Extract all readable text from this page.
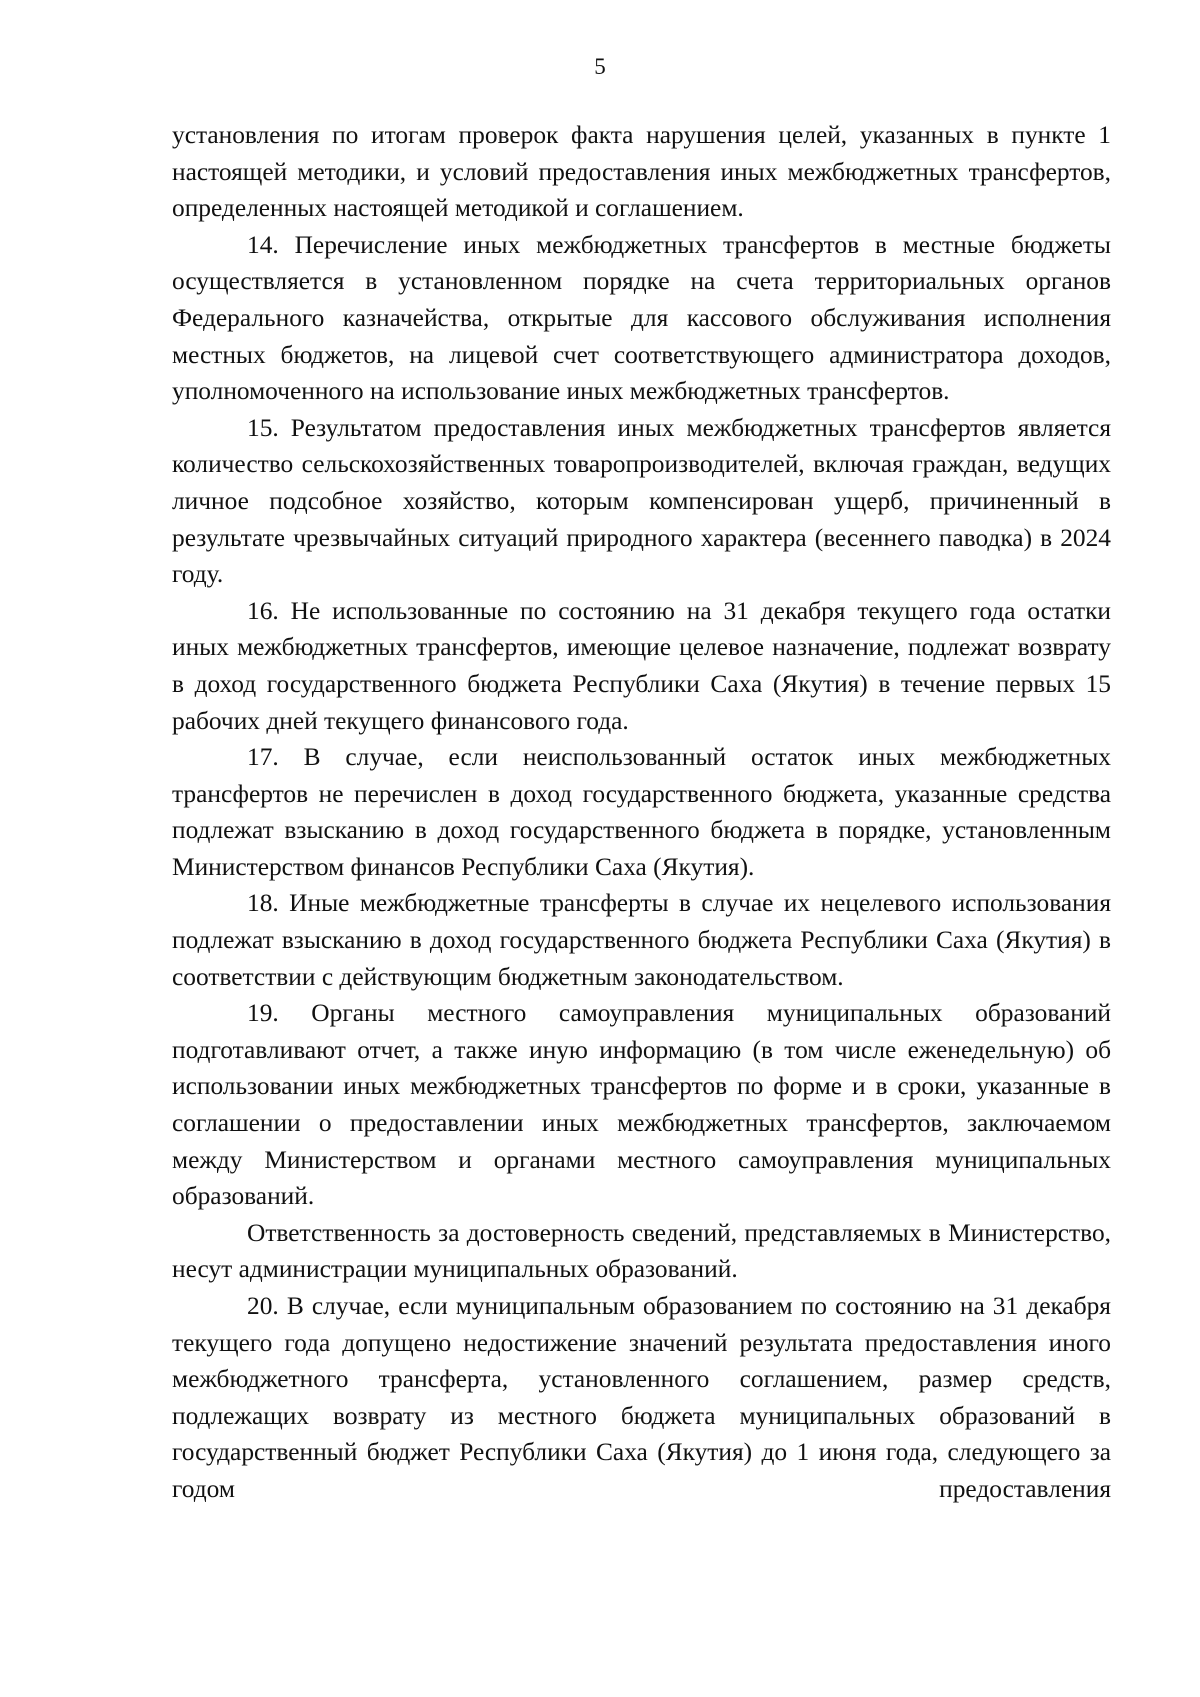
5

установления по итогам проверок факта нарушения целей, указанных в пункте 1 настоящей методики, и условий предоставления иных межбюджетных трансфертов, определенных настоящей методикой и соглашением.

14. Перечисление иных межбюджетных трансфертов в местные бюджеты осуществляется в установленном порядке на счета территориальных органов Федерального казначейства, открытые для кассового обслуживания исполнения местных бюджетов, на лицевой счет соответствующего администратора доходов, уполномоченного на использование иных межбюджетных трансфертов.

15. Результатом предоставления иных межбюджетных трансфертов является количество сельскохозяйственных товаропроизводителей, включая граждан, ведущих личное подсобное хозяйство, которым компенсирован ущерб, причиненный в результате чрезвычайных ситуаций природного характера (весеннего паводка) в 2024 году.

16. Не использованные по состоянию на 31 декабря текущего года остатки иных межбюджетных трансфертов, имеющие целевое назначение, подлежат возврату в доход государственного бюджета Республики Саха (Якутия) в течение первых 15 рабочих дней текущего финансового года.

17. В случае, если неиспользованный остаток иных межбюджетных трансфертов не перечислен в доход государственного бюджета, указанные средства подлежат взысканию в доход государственного бюджета в порядке, установленным Министерством финансов Республики Саха (Якутия).

18. Иные межбюджетные трансферты в случае их нецелевого использования подлежат взысканию в доход государственного бюджета Республики Саха (Якутия) в соответствии с действующим бюджетным законодательством.

19. Органы местного самоуправления муниципальных образований подготавливают отчет, а также иную информацию (в том числе еженедельную) об использовании иных межбюджетных трансфертов по форме и в сроки, указанные в соглашении о предоставлении иных межбюджетных трансфертов, заключаемом между Министерством и органами местного самоуправления муниципальных образований.

Ответственность за достоверность сведений, представляемых в Министерство, несут администрации муниципальных образований.

20. В случае, если муниципальным образованием по состоянию на 31 декабря текущего года допущено недостижение значений результата предоставления иного межбюджетного трансферта, установленного соглашением, размер средств, подлежащих возврату из местного бюджета муниципальных образований в государственный бюджет Республики Саха (Якутия) до 1 июня года, следующего за годом предоставления
